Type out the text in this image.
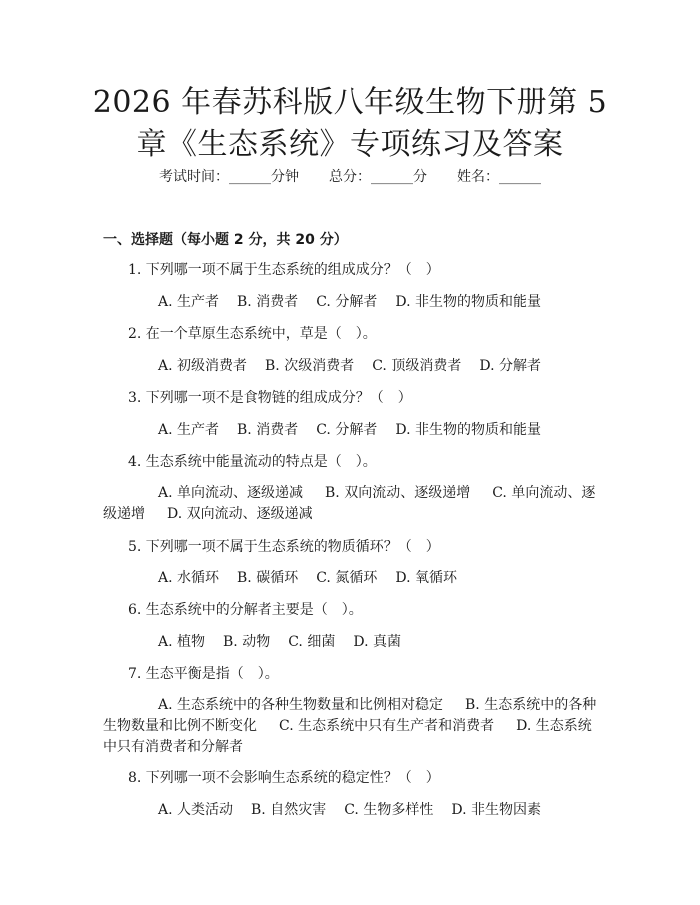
2026 年春苏科版八年级生物下册第 5 章《生态系统》专项练习及答案
考试时间：______分钟 总分：______分 姓名：______
一、选择题（每小题 2 分，共 20 分）
1. 下列哪一项不属于生态系统的组成成分？（　）
A. 生产者 B. 消费者 C. 分解者 D. 非生物的物质和能量
2. 在一个草原生态系统中，草是（　）。
A. 初级消费者 B. 次级消费者 C. 顶级消费者 D. 分解者
3. 下列哪一项不是食物链的组成成分？（　）
A. 生产者 B. 消费者 C. 分解者 D. 非生物的物质和能量
4. 生态系统中能量流动的特点是（　）。
A. 单向流动、逐级递减 B. 双向流动、逐级递增 C. 单向流动、逐级递增 D. 双向流动、逐级递减
5. 下列哪一项不属于生态系统的物质循环？（　）
A. 水循环 B. 碳循环 C. 氮循环 D. 氧循环
6. 生态系统中的分解者主要是（　）。
A. 植物 B. 动物 C. 细菌 D. 真菌
7. 生态平衡是指（　）。
A. 生态系统中的各种生物数量和比例相对稳定 B. 生态系统中的各种生物数量和比例不断变化 C. 生态系统中只有生产者和消费者 D. 生态系统中只有消费者和分解者
8. 下列哪一项不会影响生态系统的稳定性？（　）
A. 人类活动 B. 自然灾害 C. 生物多样性 D. 非生物因素
